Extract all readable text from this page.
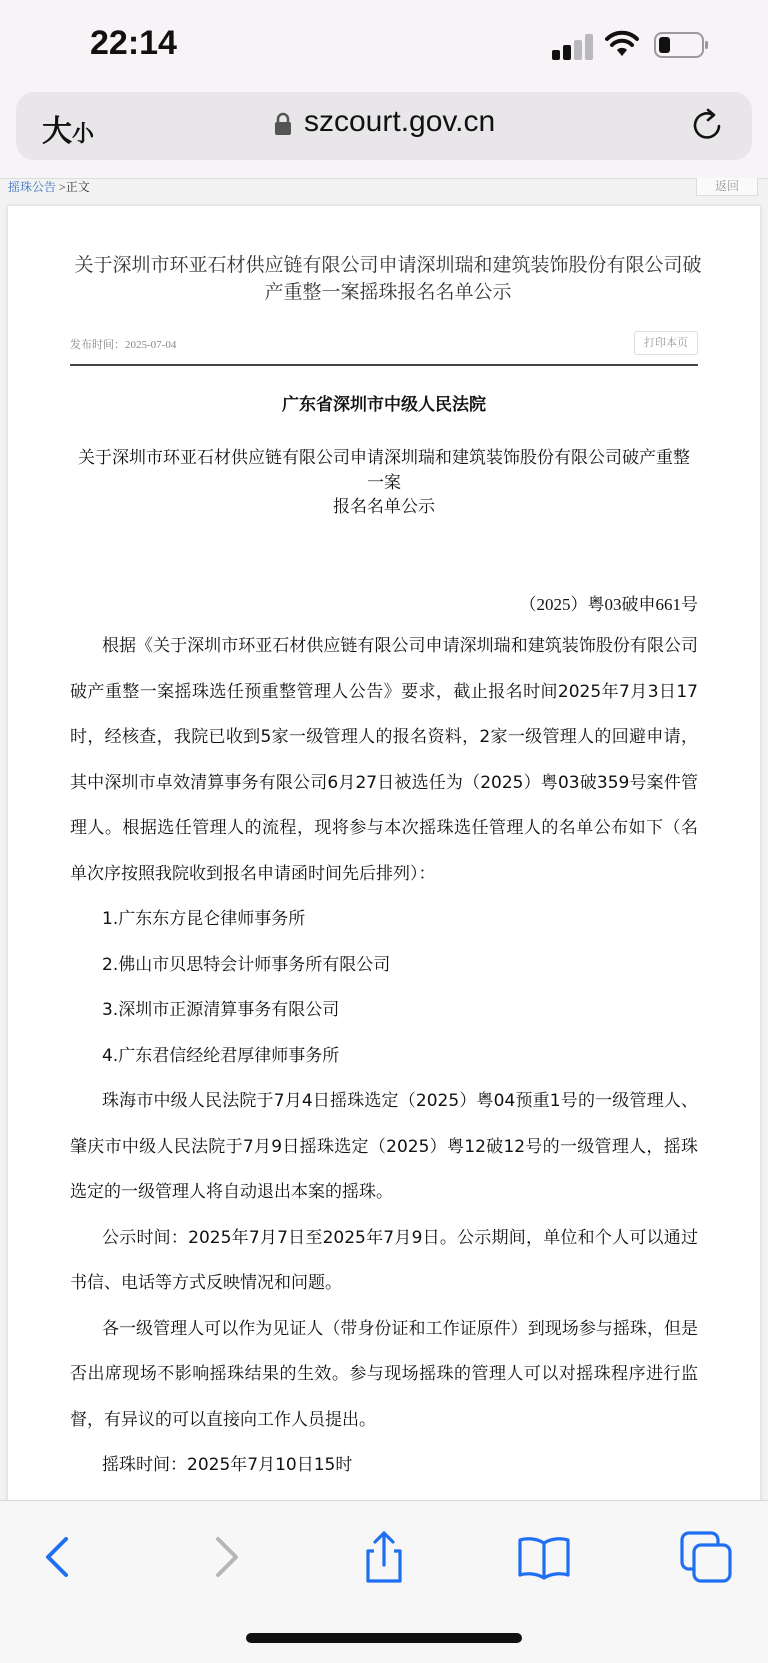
22:14
大小	szcourt.gov.cn
摇珠公告 >正文	返回
关于深圳市环亚石材供应链有限公司申请深圳瑞和建筑装饰股份有限公司破产重整一案摇珠报名名单公示
发布时间：2025-07-04	打印本页
广东省深圳市中级人民法院
关于深圳市环亚石材供应链有限公司申请深圳瑞和建筑装饰股份有限公司破产重整一案
报名名单公示
（2025）粤03破申661号

根据《关于深圳市环亚石材供应链有限公司申请深圳瑞和建筑装饰股份有限公司破产重整一案摇珠选任预重整管理人公告》要求，截止报名时间2025年7月3日17时，经核查，我院已收到5家一级管理人的报名资料，2家一级管理人的回避申请，其中深圳市卓效清算事务有限公司6月27日被选任为（2025）粤03破359号案件管理人。根据选任管理人的流程，现将参与本次摇珠选任管理人的名单公布如下（名单次序按照我院收到报名申请函时间先后排列）：

1.广东东方昆仑律师事务所

2.佛山市贝思特会计师事务所有限公司

3.深圳市正源清算事务有限公司

4.广东君信经纶君厚律师事务所

珠海市中级人民法院于7月4日摇珠选定（2025）粤04预重1号的一级管理人、肇庆市中级人民法院于7月9日摇珠选定（2025）粤12破12号的一级管理人，摇珠选定的一级管理人将自动退出本案的摇珠。

公示时间：2025年7月7日至2025年7月9日。公示期间，单位和个人可以通过书信、电话等方式反映情况和问题。

各一级管理人可以作为见证人（带身份证和工作证原件）到现场参与摇珠，但是否出席现场不影响摇珠结果的生效。参与现场摇珠的管理人可以对摇珠程序进行监督，有异议的可以直接向工作人员提出。

摇珠时间：2025年7月10日15时
